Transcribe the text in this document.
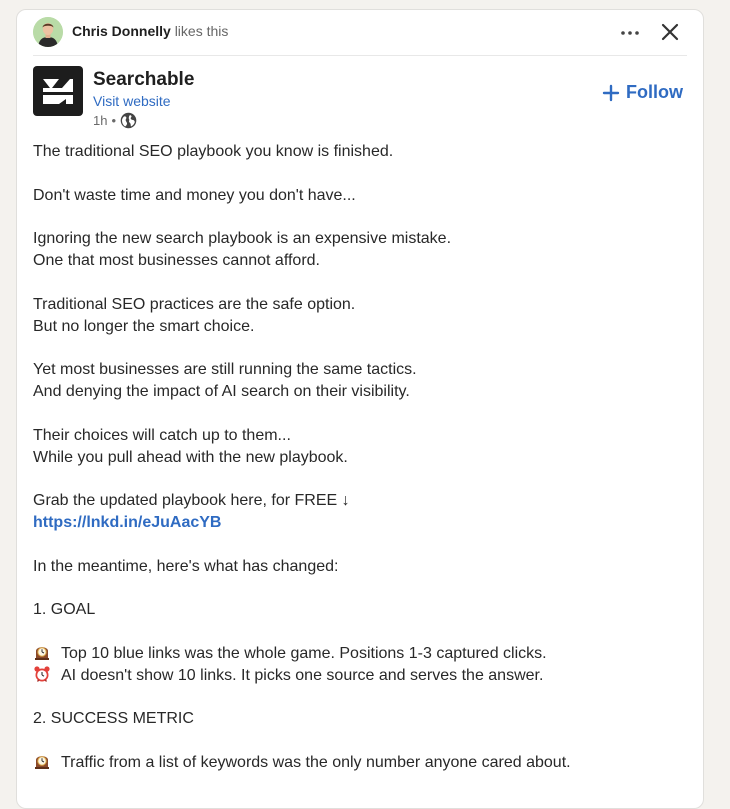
Chris Donnelly likes this
Searchable
Visit website
1h •
Follow
The traditional SEO playbook you know is finished.
Don't waste time and money you don't have...
Ignoring the new search playbook is an expensive mistake.
One that most businesses cannot afford.
Traditional SEO practices are the safe option.
But no longer the smart choice.
Yet most businesses are still running the same tactics.
And denying the impact of AI search on their visibility.
Their choices will catch up to them...
While you pull ahead with the new playbook.
Grab the updated playbook here, for FREE ↓
https://lnkd.in/eJuAacYB
In the meantime, here's what has changed:
1. GOAL
Top 10 blue links was the whole game. Positions 1-3 captured clicks.
AI doesn't show 10 links. It picks one source and serves the answer.
2. SUCCESS METRIC
Traffic from a list of keywords was the only number anyone cared about.
